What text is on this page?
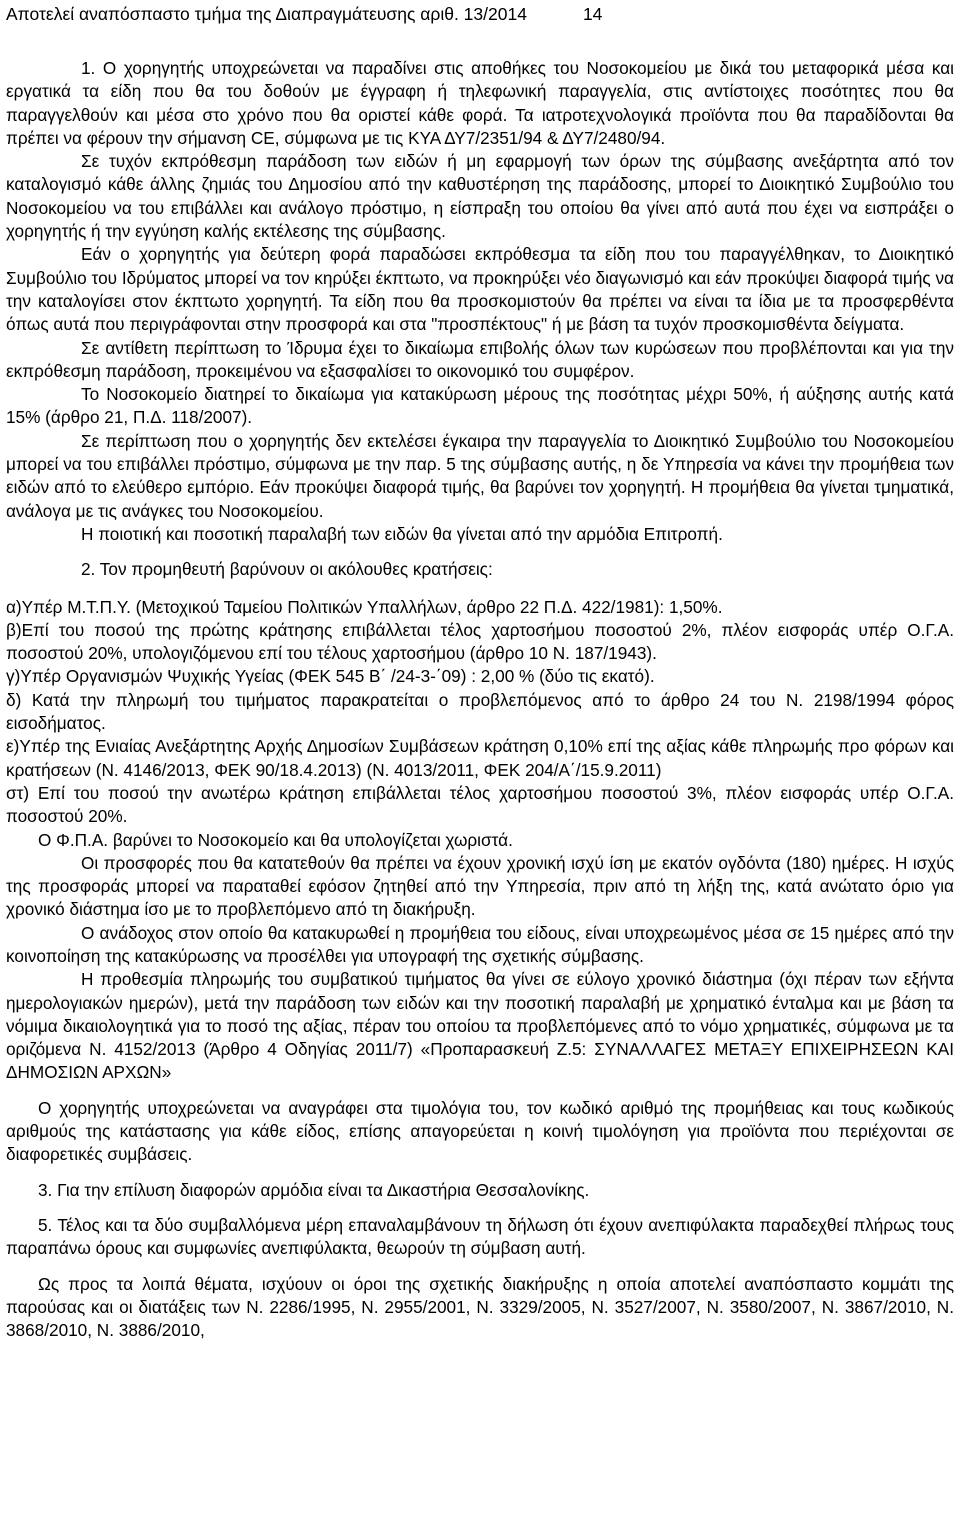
Αποτελεί αναπόσπαστο τμήμα της Διαπραγμάτευσης αριθ. 13/2014	14

1. Ο χορηγητής υποχρεώνεται να παραδίνει στις αποθήκες του Νοσοκομείου με δικά του μεταφορικά μέσα και εργατικά τα είδη που θα του δοθούν με έγγραφη ή τηλεφωνική παραγγελία, στις αντίστοιχες ποσότητες που θα παραγγελθούν και μέσα στο χρόνο που θα οριστεί κάθε φορά. Τα ιατροτεχνολογικά προϊόντα που θα παραδίδονται θα πρέπει να φέρουν την σήμανση CE, σύμφωνα με τις ΚΥΑ ΔΥ7/2351/94 & ΔΥ7/2480/94.

Σε τυχόν εκπρόθεσμη παράδοση των ειδών ή μη εφαρμογή των όρων της σύμβασης ανεξάρτητα από τον καταλογισμό κάθε άλλης ζημιάς του Δημοσίου από την καθυστέρηση της παράδοσης, μπορεί το Διοικητικό Συμβούλιο του Νοσοκομείου να του επιβάλλει και ανάλογο πρόστιμο, η είσπραξη του οποίου θα γίνει από αυτά που έχει να εισπράξει ο χορηγητής ή την εγγύηση καλής εκτέλεσης της σύμβασης.

Εάν ο χορηγητής για δεύτερη φορά παραδώσει εκπρόθεσμα τα είδη που του παραγγέλθηκαν, το Διοικητικό Συμβούλιο του Ιδρύματος μπορεί να τον κηρύξει έκπτωτο, να προκηρύξει νέο διαγωνισμό και εάν προκύψει διαφορά τιμής να την καταλογίσει στον έκπτωτο χορηγητή. Τα είδη που θα προσκομιστούν θα πρέπει να είναι τα ίδια με τα προσφερθέντα όπως αυτά που περιγράφονται στην προσφορά και στα "προσπέκτους" ή με βάση τα τυχόν προσκομισθέντα δείγματα.

Σε αντίθετη περίπτωση το Ίδρυμα έχει το δικαίωμα επιβολής όλων των κυρώσεων που προβλέπονται και για την εκπρόθεσμη παράδοση, προκειμένου να εξασφαλίσει το οικονομικό του συμφέρον.

Το Νοσοκομείο διατηρεί το δικαίωμα για κατακύρωση μέρους της ποσότητας μέχρι 50%, ή αύξησης αυτής κατά 15% (άρθρο 21, Π.Δ. 118/2007).

Σε περίπτωση που ο χορηγητής δεν εκτελέσει έγκαιρα την παραγγελία το Διοικητικό Συμβούλιο του Νοσοκομείου μπορεί να του επιβάλλει πρόστιμο, σύμφωνα με την παρ. 5 της σύμβασης αυτής, η δε Υπηρεσία να κάνει την προμήθεια των ειδών από το ελεύθερο εμπόριο. Εάν προκύψει διαφορά τιμής, θα βαρύνει τον χορηγητή. Η προμήθεια θα γίνεται τμηματικά, ανάλογα με τις ανάγκες του Νοσοκομείου.

Η ποιοτική και ποσοτική παραλαβή των ειδών θα γίνεται από την αρμόδια Επιτροπή.

2. Τον προμηθευτή βαρύνουν οι ακόλουθες κρατήσεις:

α)Υπέρ Μ.Τ.Π.Υ. (Μετοχικού Ταμείου Πολιτικών Υπαλλήλων, άρθρο 22 Π.Δ. 422/1981): 1,50%.

β)Επί του ποσού της πρώτης κράτησης επιβάλλεται τέλος χαρτοσήμου ποσοστού 2%, πλέον εισφοράς υπέρ Ο.Γ.Α. ποσοστού 20%, υπολογιζόμενου επί του τέλους χαρτοσήμου (άρθρο 10 Ν. 187/1943).

γ)Υπέρ Οργανισμών Ψυχικής Υγείας (ΦΕΚ 545 Β΄ /24-3-΄09) : 2,00 % (δύο τις εκατό).

δ) Κατά την πληρωμή του τιμήματος παρακρατείται ο προβλεπόμενος από το άρθρο 24 του Ν. 2198/1994 φόρος εισοδήματος.

ε)Υπέρ της Ενιαίας Ανεξάρτητης Αρχής Δημοσίων Συμβάσεων κράτηση 0,10% επί της αξίας κάθε πληρωμής προ φόρων και κρατήσεων (Ν. 4146/2013, ΦΕΚ 90/18.4.2013) (Ν. 4013/2011, ΦΕΚ 204/Α΄/15.9.2011)

στ) Επί του ποσού την ανωτέρω κράτηση επιβάλλεται τέλος χαρτοσήμου ποσοστού 3%, πλέον εισφοράς υπέρ Ο.Γ.Α. ποσοστού 20%.

Ο Φ.Π.Α. βαρύνει το Νοσοκομείο και θα υπολογίζεται χωριστά.

Οι προσφορές που θα κατατεθούν θα πρέπει να έχουν χρονική ισχύ ίση με εκατόν ογδόντα (180) ημέρες. Η ισχύς της προσφοράς μπορεί να παραταθεί εφόσον ζητηθεί από την Υπηρεσία, πριν από τη λήξη της, κατά ανώτατο όριο για χρονικό διάστημα ίσο με το προβλεπόμενο από τη διακήρυξη.

Ο ανάδοχος στον οποίο θα κατακυρωθεί η προμήθεια του είδους, είναι υποχρεωμένος μέσα σε 15 ημέρες από την κοινοποίηση της κατακύρωσης να προσέλθει για υπογραφή της σχετικής σύμβασης.

Η προθεσμία πληρωμής του συμβατικού τιμήματος θα γίνει σε εύλογο χρονικό διάστημα (όχι πέραν των εξήντα ημερολογιακών ημερών), μετά την παράδοση των ειδών και την ποσοτική παραλαβή με χρηματικό ένταλμα και με βάση τα νόμιμα δικαιολογητικά για το ποσό της αξίας, πέραν του οποίου τα προβλεπόμενες από το νόμο χρηματικές, σύμφωνα με τα οριζόμενα Ν. 4152/2013 (Άρθρο 4 Οδηγίας 2011/7) «Προπαρασκευή Ζ.5: ΣΥΝΑΛΛΑΓΕΣ ΜΕΤΑΞΥ ΕΠΙΧΕΙΡΗΣΕΩΝ ΚΑΙ ΔΗΜΟΣΙΩΝ ΑΡΧΩΝ»

Ο χορηγητής υποχρεώνεται να αναγράφει στα τιμολόγια του, τον κωδικό αριθμό της προμήθειας και τους κωδικούς αριθμούς της κατάστασης για κάθε είδος, επίσης απαγορεύεται η κοινή τιμολόγηση για προϊόντα που περιέχονται σε διαφορετικές συμβάσεις.

3. Για την επίλυση διαφορών αρμόδια είναι τα Δικαστήρια Θεσσαλονίκης.

5. Τέλος και τα δύο συμβαλλόμενα μέρη επαναλαμβάνουν τη δήλωση ότι έχουν ανεπιφύλακτα παραδεχθεί πλήρως τους παραπάνω όρους και συμφωνίες ανεπιφύλακτα, θεωρούν τη σύμβαση αυτή.

Ως προς τα λοιπά θέματα, ισχύουν οι όροι της σχετικής διακήρυξης η οποία αποτελεί αναπόσπαστο κομμάτι της παρούσας και οι διατάξεις των Ν. 2286/1995, Ν. 2955/2001, Ν. 3329/2005, Ν. 3527/2007, Ν. 3580/2007, Ν. 3867/2010, Ν. 3868/2010, Ν. 3886/2010,
